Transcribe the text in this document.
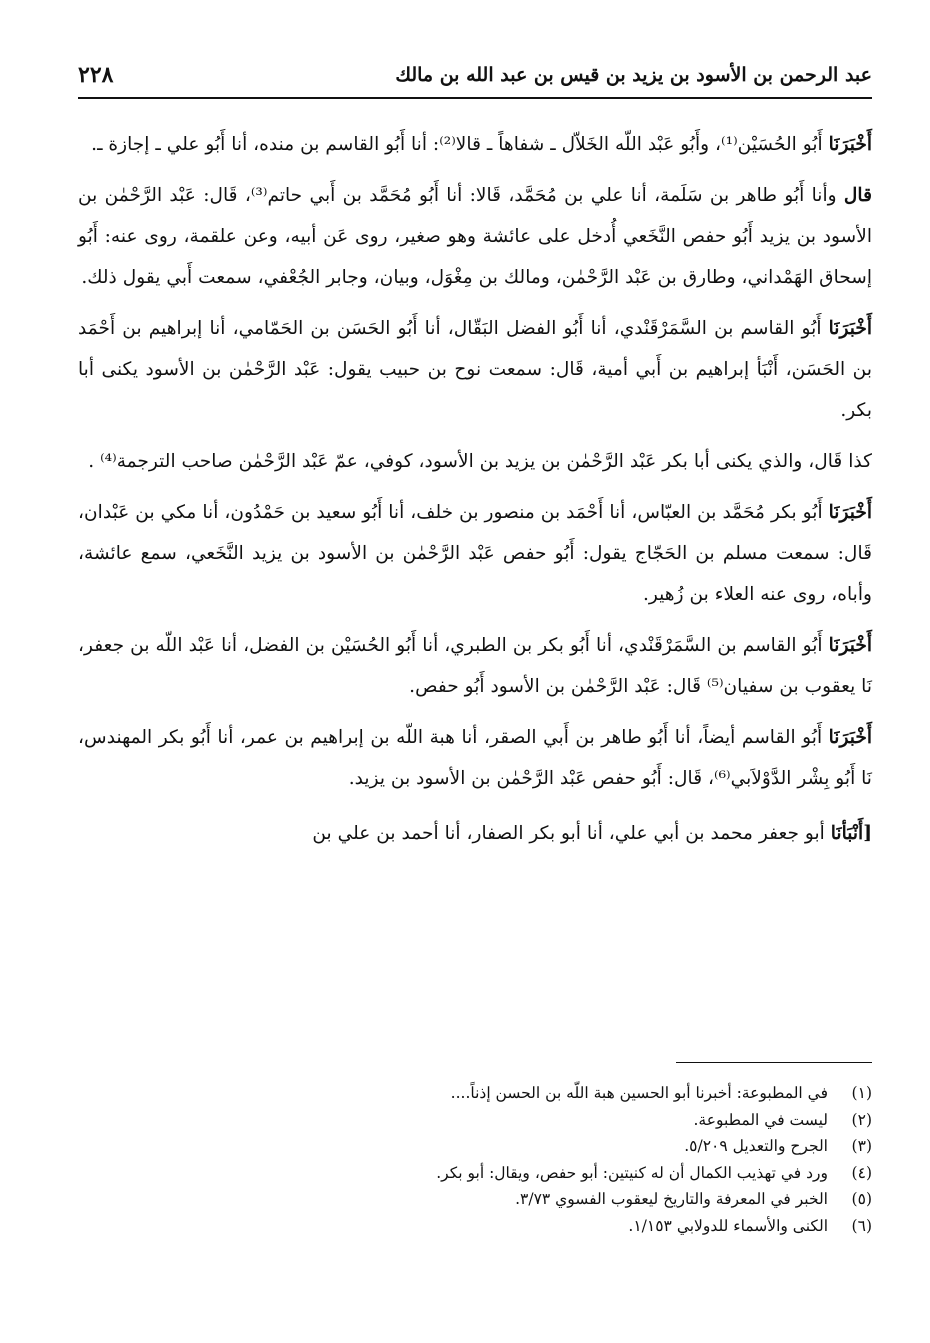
عبد الرحمن بن الأسود بن يزيد بن قيس بن عبد الله بن مالك
٢٢٨

أَخْبَرَنَا أَبُو الحُسَيْن⁽¹⁾، وأَبُو عَبْد اللّه الخَلاّل ـ شفاهاً ـ قالا⁽²⁾: أنا أَبُو القاسم بن منده، أنا أَبُو علي ـ إجازة ـ.

قال وأنا أَبُو طاهر بن سَلَمة، أنا علي بن مُحَمَّد، قَالا: أنا أَبُو مُحَمَّد بن أَبي حاتم⁽³⁾، قَال: عَبْد الرَّحْمٰن بن الأسود بن يزيد أَبُو حفص النَّخَعي أُدخل على عائشة وهو صغير، روى عَن أبيه، وعن علقمة، روى عنه: أَبُو إسحاق الهَمْداني، وطارق بن عَبْد الرَّحْمٰن، ومالك بن مِغْوَل، وبيان، وجابر الجُعْفي، سمعت أَبي يقول ذلك.

أَخْبَرَنَا أَبُو القاسم بن السَّمَرْقَنْدي، أنا أَبُو الفضل البَقّال، أنا أَبُو الحَسَن بن الحَمّامي، أنا إبراهيم بن أَحْمَد بن الحَسَن، أَنْبَأ إبراهيم بن أَبي أمية، قَال: سمعت نوح بن حبيب يقول: عَبْد الرَّحْمٰن بن الأسود يكنى أبا بكر.

كذا قَال، والذي يكنى أبا بكر عَبْد الرَّحْمٰن بن يزيد بن الأسود، كوفي، عمّ عَبْد الرَّحْمٰن صاحب الترجمة⁽⁴⁾ .

أَخْبَرَنَا أَبُو بكر مُحَمَّد بن العبّاس، أنا أَحْمَد بن منصور بن خلف، أنا أَبُو سعيد بن حَمْدُون، أنا مكي بن عَبْدان، قَال: سمعت مسلم بن الحَجّاج يقول: أَبُو حفص عَبْد الرَّحْمٰن بن الأسود بن يزيد النَّخَعي، سمع عائشة، وأباه، روى عنه العلاء بن زُهير.

أَخْبَرَنَا أَبُو القاسم بن السَّمَرْقَنْدي، أنا أَبُو بكر بن الطبري، أنا أَبُو الحُسَيْن بن الفضل، أنا عَبْد اللّه بن جعفر، نَا يعقوب بن سفيان⁽⁵⁾ قَال: عَبْد الرَّحْمٰن بن الأسود أَبُو حفص.

أَخْبَرَنَا أَبُو القاسم أيضاً، أنا أَبُو طاهر بن أَبي الصقر، أنا هبة اللّه بن إبراهيم بن عمر، أنا أَبُو بكر المهندس، نَا أَبُو بِشْر الدَّوْلاَبي⁽⁶⁾، قَال: أَبُو حفص عَبْد الرَّحْمٰن بن الأسود بن يزيد.

[أَنْبَأنَا أبو جعفر محمد بن أبي علي، أنا أبو بكر الصفار، أنا أحمد بن علي بن

(١)
في المطبوعة: أخبرنا أبو الحسين هبة اللّه بن الحسن إذناً....
(٢)
ليست في المطبوعة.
(٣)
الجرح والتعديل ٥/٢٠٩.
(٤)
ورد في تهذيب الكمال أن له كنيتين: أبو حفص، ويقال: أبو بكر.
(٥)
الخبر في المعرفة والتاريخ ليعقوب الفسوي ٣/٧٣.
(٦)
الكنى والأسماء للدولابي ١/١٥٣.
